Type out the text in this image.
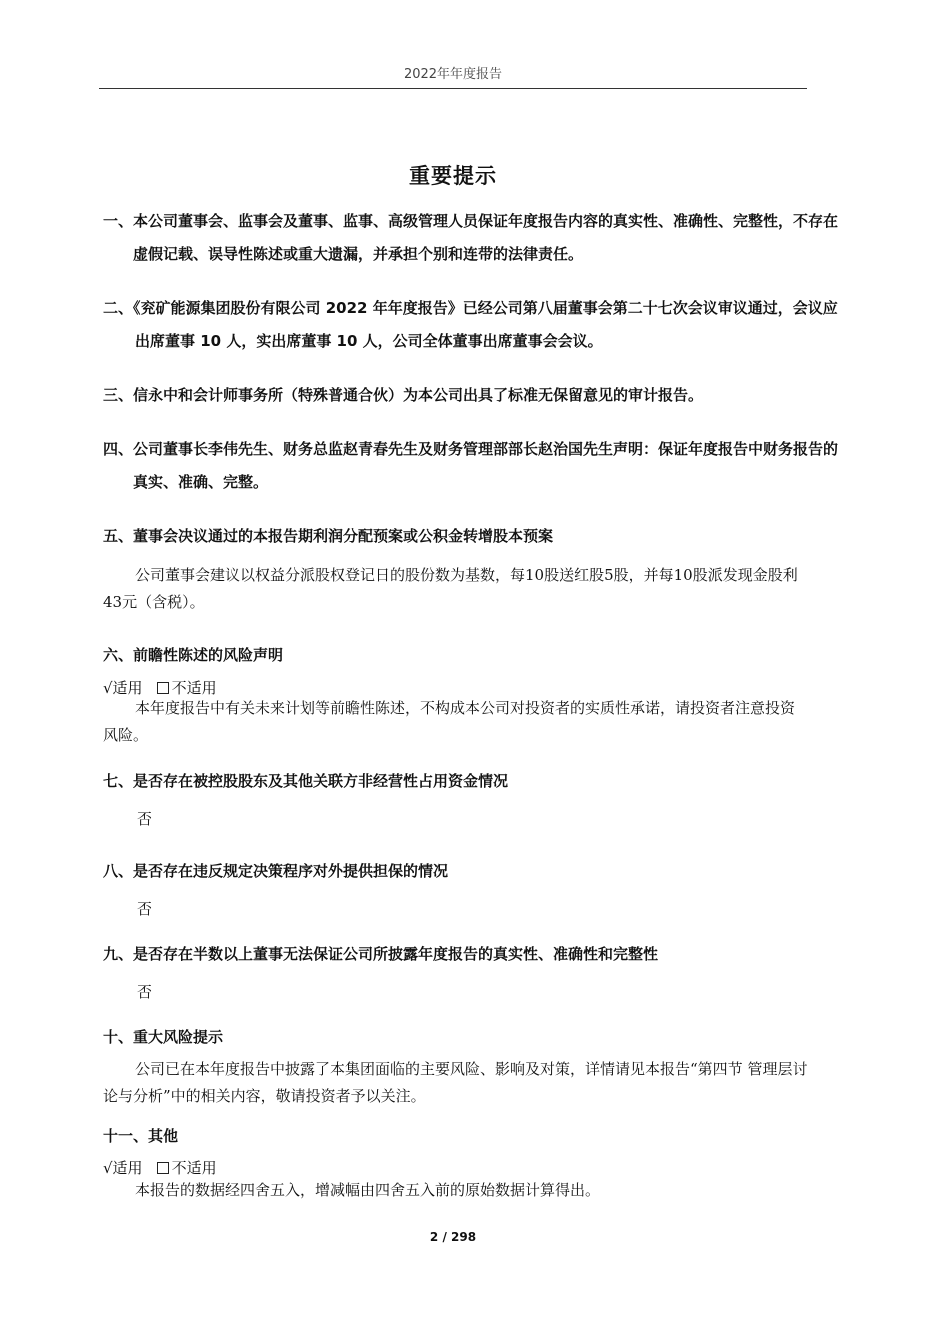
2022年年度报告
重要提示
一、本公司董事会、监事会及董事、监事、高级管理人员保证年度报告内容的真实性、准确性、完整性，不存在虚假记载、误导性陈述或重大遗漏，并承担个别和连带的法律责任。
二、《兖矿能源集团股份有限公司 2022 年年度报告》已经公司第八届董事会第二十七次会议审议通过，会议应出席董事 10 人，实出席董事 10 人，公司全体董事出席董事会会议。
三、信永中和会计师事务所（特殊普通合伙）为本公司出具了标准无保留意见的审计报告。
四、公司董事长李伟先生、财务总监赵青春先生及财务管理部部长赵治国先生声明：保证年度报告中财务报告的真实、准确、完整。
五、董事会决议通过的本报告期利润分配预案或公积金转增股本预案
公司董事会建议以权益分派股权登记日的股份数为基数，每10股送红股5股，并每10股派发现金股利43元（含税）。
六、前瞻性陈述的风险声明
√适用 不适用
本年度报告中有关未来计划等前瞻性陈述，不构成本公司对投资者的实质性承诺，请投资者注意投资风险。
七、是否存在被控股股东及其他关联方非经营性占用资金情况
否
八、是否存在违反规定决策程序对外提供担保的情况
否
九、是否存在半数以上董事无法保证公司所披露年度报告的真实性、准确性和完整性
否
十、重大风险提示
公司已在本年度报告中披露了本集团面临的主要风险、影响及对策，详情请见本报告“第四节 管理层讨论与分析”中的相关内容，敬请投资者予以关注。
十一、其他
√适用 不适用
本报告的数据经四舍五入，增减幅由四舍五入前的原始数据计算得出。
2 / 298
